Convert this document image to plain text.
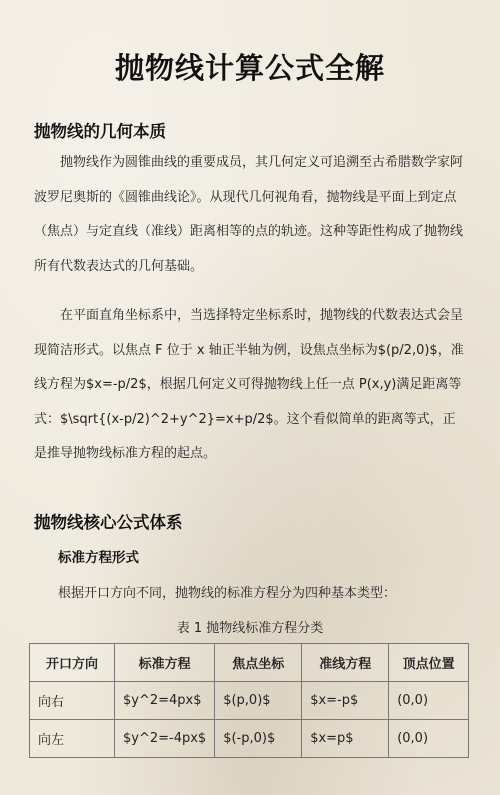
抛物线计算公式全解
抛物线的几何本质

抛物线作为圆锥曲线的重要成员，其几何定义可追溯至古希腊数学家阿波罗尼奥斯的《圆锥曲线论》。从现代几何视角看，抛物线是平面上到定点（焦点）与定直线（准线）距离相等的点的轨迹。这种等距性构成了抛物线所有代数表达式的几何基础。

在平面直角坐标系中，当选择特定坐标系时，抛物线的代数表达式会呈现简洁形式。以焦点 F 位于 x 轴正半轴为例，设焦点坐标为$(p/2,0)$，准线方程为$x=-p/2$，根据几何定义可得抛物线上任一点 P(x,y)满足距离等式：$\sqrt{(x-p/2)^2+y^2}=x+p/2$。这个看似简单的距离等式，正是推导抛物线标准方程的起点。

抛物线核心公式体系
标准方程形式
根据开口方向不同，抛物线的标准方程分为四种基本类型：
表 1 抛物线标准方程分类
开口方向	标准方程	焦点坐标	准线方程	顶点位置
向右	$y^2=4px$	$(p,0)$	$x=-p$	(0,0)
向左	$y^2=-4px$	$(-p,0)$	$x=p$	(0,0)
